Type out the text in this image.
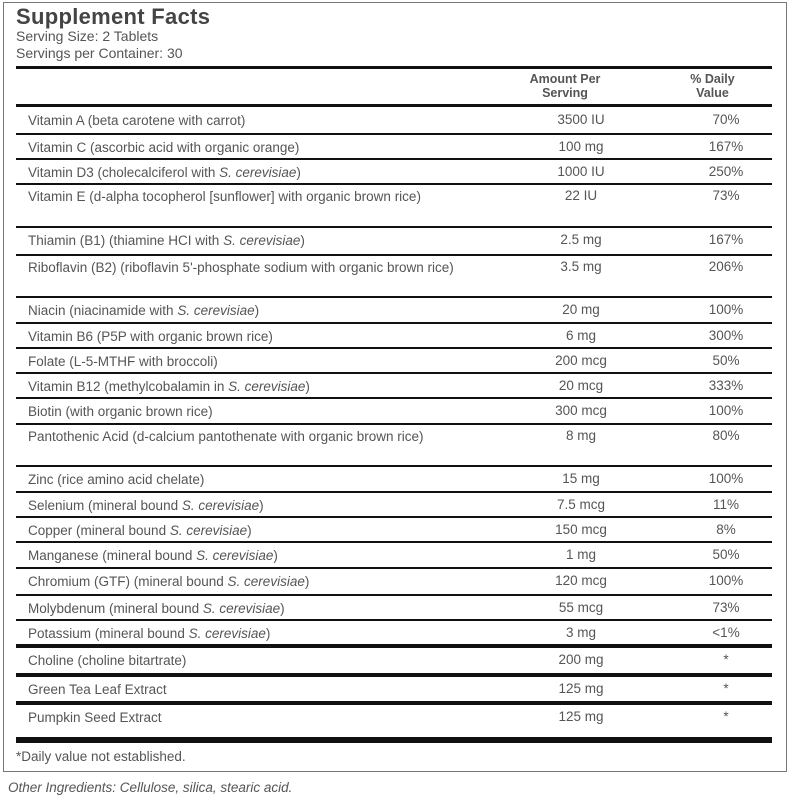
Supplement Facts
Serving Size: 2 Tablets
Servings per Container: 30
Amount Per
Serving
% Daily
Value
Vitamin A (beta carotene with carrot)	3500 IU	70%
Vitamin C (ascorbic acid with organic orange)	100 mg	167%
Vitamin D3 (cholecalciferol with S. cerevisiae)	1000 IU	250%
Vitamin E (d-alpha tocopherol [sunflower] with organic brown rice)	22 IU	73%
Thiamin (B1) (thiamine HCI with S. cerevisiae)	2.5 mg	167%
Riboflavin (B2) (riboflavin 5'-phosphate sodium with organic brown rice)	3.5 mg	206%
Niacin (niacinamide with S. cerevisiae)	20 mg	100%
Vitamin B6 (P5P with organic brown rice)	6 mg	300%
Folate (L-5-MTHF with broccoli)	200 mcg	50%
Vitamin B12 (methylcobalamin in S. cerevisiae)	20 mcg	333%
Biotin (with organic brown rice)	300 mcg	100%
Pantothenic Acid (d-calcium pantothenate with organic brown rice)	8 mg	80%
Zinc (rice amino acid chelate)	15 mg	100%
Selenium (mineral bound S. cerevisiae)	7.5 mcg	11%
Copper (mineral bound S. cerevisiae)	150 mcg	8%
Manganese (mineral bound S. cerevisiae)	1 mg	50%
Chromium (GTF) (mineral bound S. cerevisiae)	120 mcg	100%
Molybdenum (mineral bound S. cerevisiae)	55 mcg	73%
Potassium (mineral bound S. cerevisiae)	3 mg	<1%
Choline (choline bitartrate)	200 mg	*
Green Tea Leaf Extract	125 mg	*
Pumpkin Seed Extract	125 mg	*
*Daily value not established.
Other Ingredients: Cellulose, silica, stearic acid.
